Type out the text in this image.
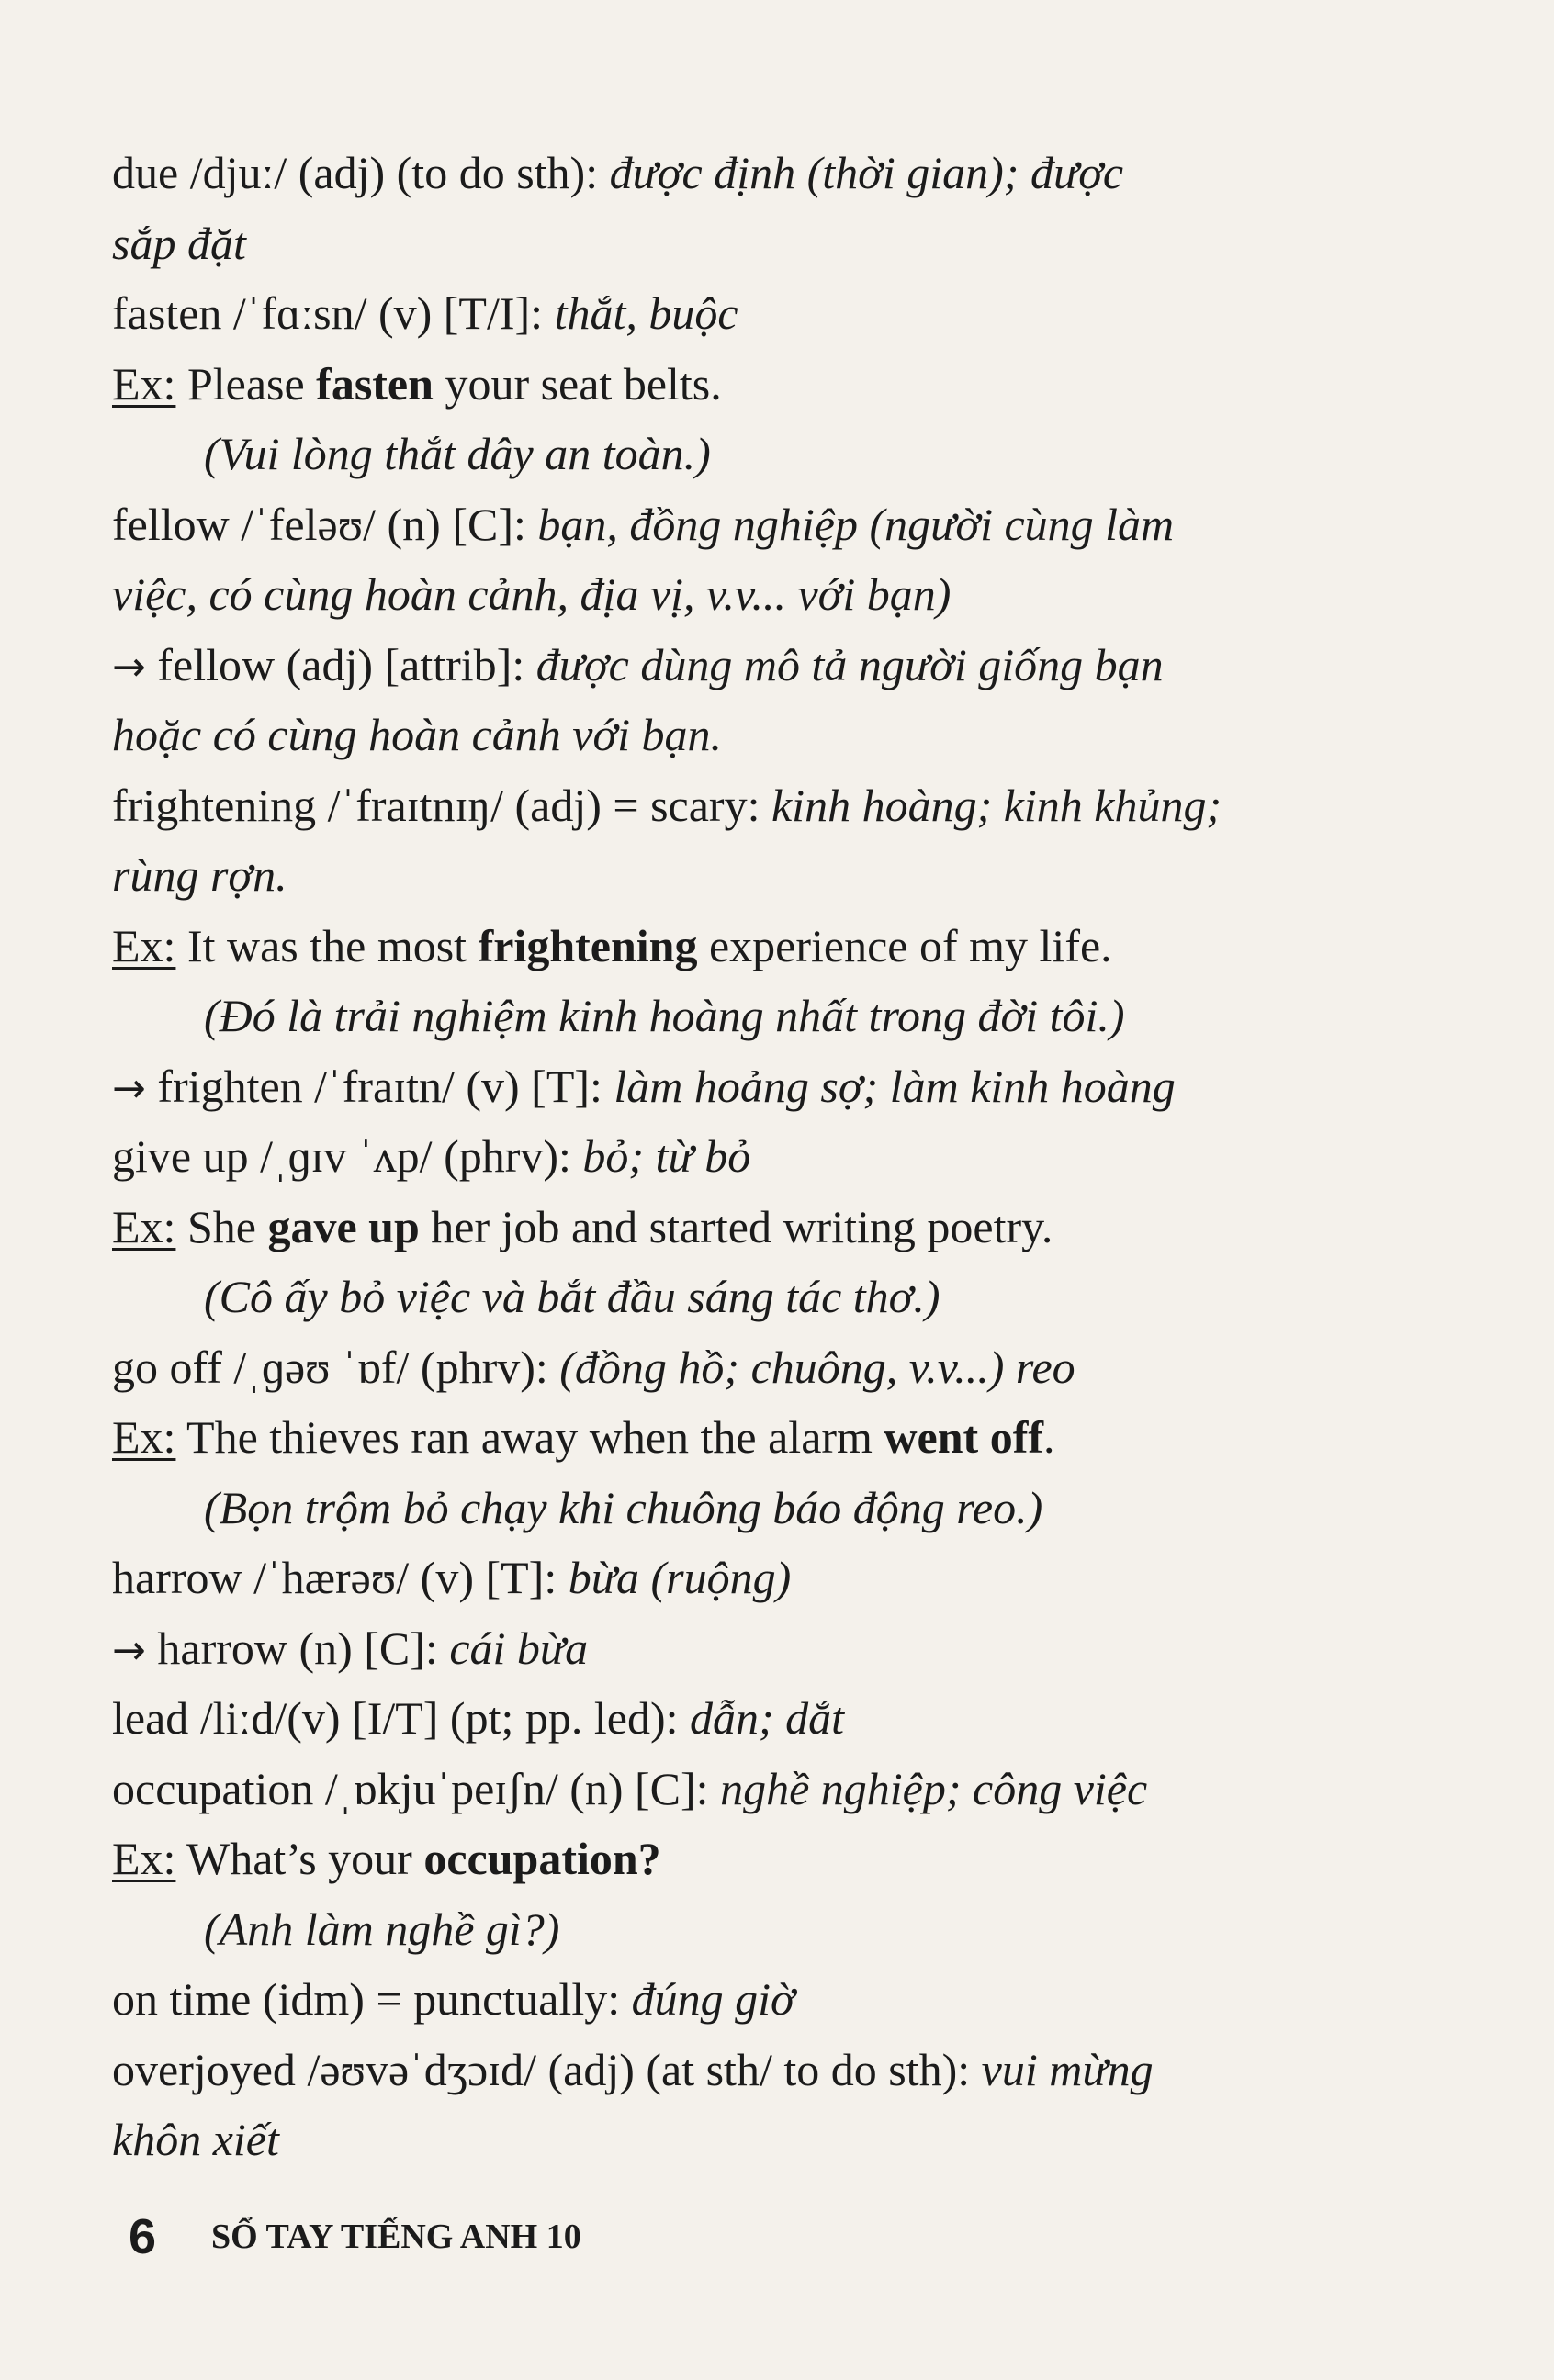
due /djuː/ (adj) (to do sth): được định (thời gian); được
sắp đặt
fasten /ˈfɑːsn/ (v) [T/I]: thắt, buộc
Ex: Please fasten your seat belts.
(Vui lòng thắt dây an toàn.)
fellow /ˈfeləʊ/ (n) [C]: bạn, đồng nghiệp (người cùng làm
việc, có cùng hoàn cảnh, địa vị, v.v... với bạn)
→ fellow (adj) [attrib]: được dùng mô tả người giống bạn
hoặc có cùng hoàn cảnh với bạn.
frightening /ˈfraɪtnɪŋ/ (adj) = scary: kinh hoàng; kinh khủng;
rùng rợn.
Ex: It was the most frightening experience of my life.
(Đó là trải nghiệm kinh hoàng nhất trong đời tôi.)
→ frighten /ˈfraɪtn/ (v) [T]: làm hoảng sợ; làm kinh hoàng
give up /ˌɡɪv ˈʌp/ (phrv): bỏ; từ bỏ
Ex: She gave up her job and started writing poetry.
(Cô ấy bỏ việc và bắt đầu sáng tác thơ.)
go off /ˌɡəʊ ˈɒf/ (phrv): (đồng hồ; chuông, v.v...) reo
Ex: The thieves ran away when the alarm went off.
(Bọn trộm bỏ chạy khi chuông báo động reo.)
harrow /ˈhærəʊ/ (v) [T]: bừa (ruộng)
→ harrow (n) [C]: cái bừa
lead /liːd/(v) [I/T] (pt; pp. led): dẫn; dắt
occupation /ˌɒkjuˈpeɪʃn/ (n) [C]: nghề nghiệp; công việc
Ex: What’s your occupation?
(Anh làm nghề gì?)
on time (idm) = punctually: đúng giờ
overjoyed /əʊvəˈdʒɔɪd/ (adj) (at sth/ to do sth): vui mừng
khôn xiết
6 SỔ TAY TIẾNG ANH 10
